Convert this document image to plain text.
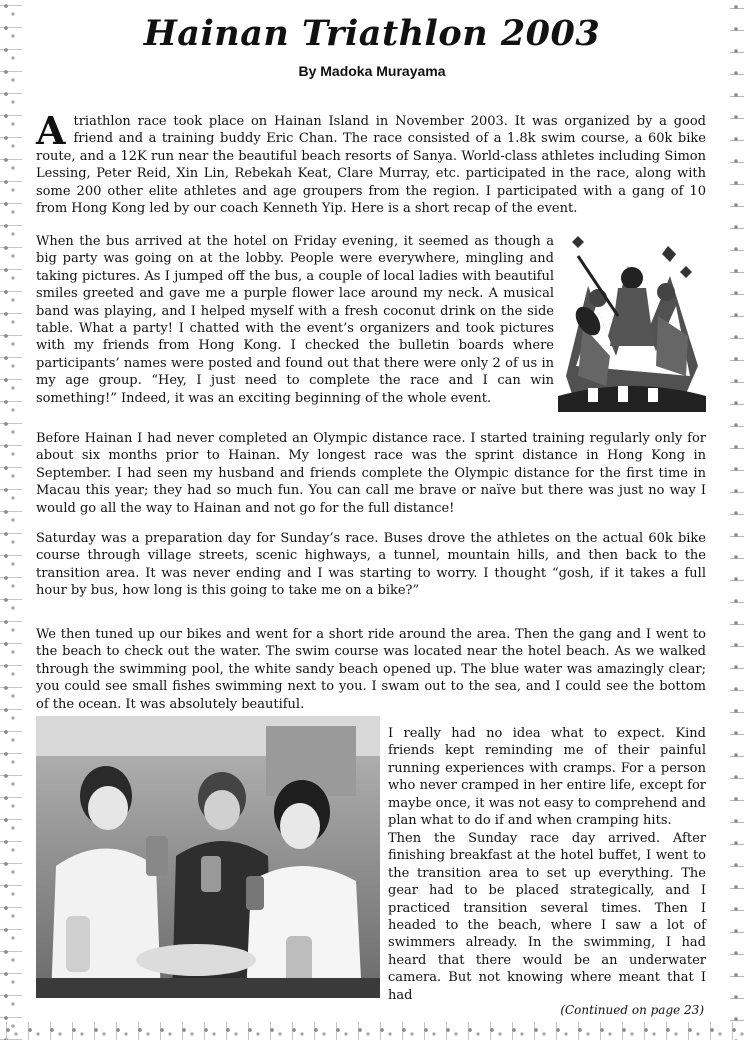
Hainan Triathlon 2003
By Madoka Murayama
A triathlon race took place on Hainan Island in November 2003. It was organized by a good friend and a training buddy Eric Chan. The race consisted of a 1.8k swim course, a 60k bike route, and a 12K run near the beautiful beach resorts of Sanya. World-class athletes including Simon Lessing, Peter Reid, Xin Lin, Rebekah Keat, Clare Murray, etc. participated in the race, along with some 200 other elite athletes and age groupers from the region. I participated with a gang of 10 from Hong Kong led by our coach Kenneth Yip. Here is a short recap of the event.

When the bus arrived at the hotel on Friday evening, it seemed as though a big party was going on at the lobby. People were everywhere, mingling and taking pictures. As I jumped off the bus, a couple of local ladies with beautiful smiles greeted and gave me a purple flower lace around my neck. A musical band was playing, and I helped myself with a fresh coconut drink on the side table. What a party! I chatted with the event’s organizers and took pictures with my friends from Hong Kong. I checked the bulletin boards where participants’ names were posted and found out that there were only 2 of us in my age group. “Hey, I just need to complete the race and I can win something!” Indeed, it was an exciting beginning of the whole event.

Before Hainan I had never completed an Olympic distance race. I started training regularly only for about six months prior to Hainan. My longest race was the sprint distance in Hong Kong in September. I had seen my husband and friends complete the Olympic distance for the first time in Macau this year; they had so much fun. You can call me brave or naïve but there was just no way I would go all the way to Hainan and not go for the full distance!

Saturday was a preparation day for Sunday’s race. Buses drove the athletes on the actual 60k bike course through village streets, scenic highways, a tunnel, mountain hills, and then back to the transition area. It was never ending and I was starting to worry. I thought “gosh, if it takes a full hour by bus, how long is this going to take me on a bike?”

We then tuned up our bikes and went for a short ride around the area. Then the gang and I went to the beach to check out the water. The swim course was located near the hotel beach. As we walked through the swimming pool, the white sandy beach opened up. The blue water was amazingly clear; you could see small fishes swimming next to you. I swam out to the sea, and I could see the bottom of the ocean. It was absolutely beautiful.

I really had no idea what to expect. Kind friends kept reminding me of their painful running experiences with cramps. For a person who never cramped in her entire life, except for maybe once, it was not easy to comprehend and plan what to do if and when cramping hits.

Then the Sunday race day arrived. After finishing breakfast at the hotel buffet, I went to the transition area to set up everything. The gear had to be placed strategically, and I practiced transition several times. Then I headed to the beach, where I saw a lot of swimmers already. In the swimming, I had heard that there would be an underwater camera. But not knowing where meant that I had

(Continued on page 23)
